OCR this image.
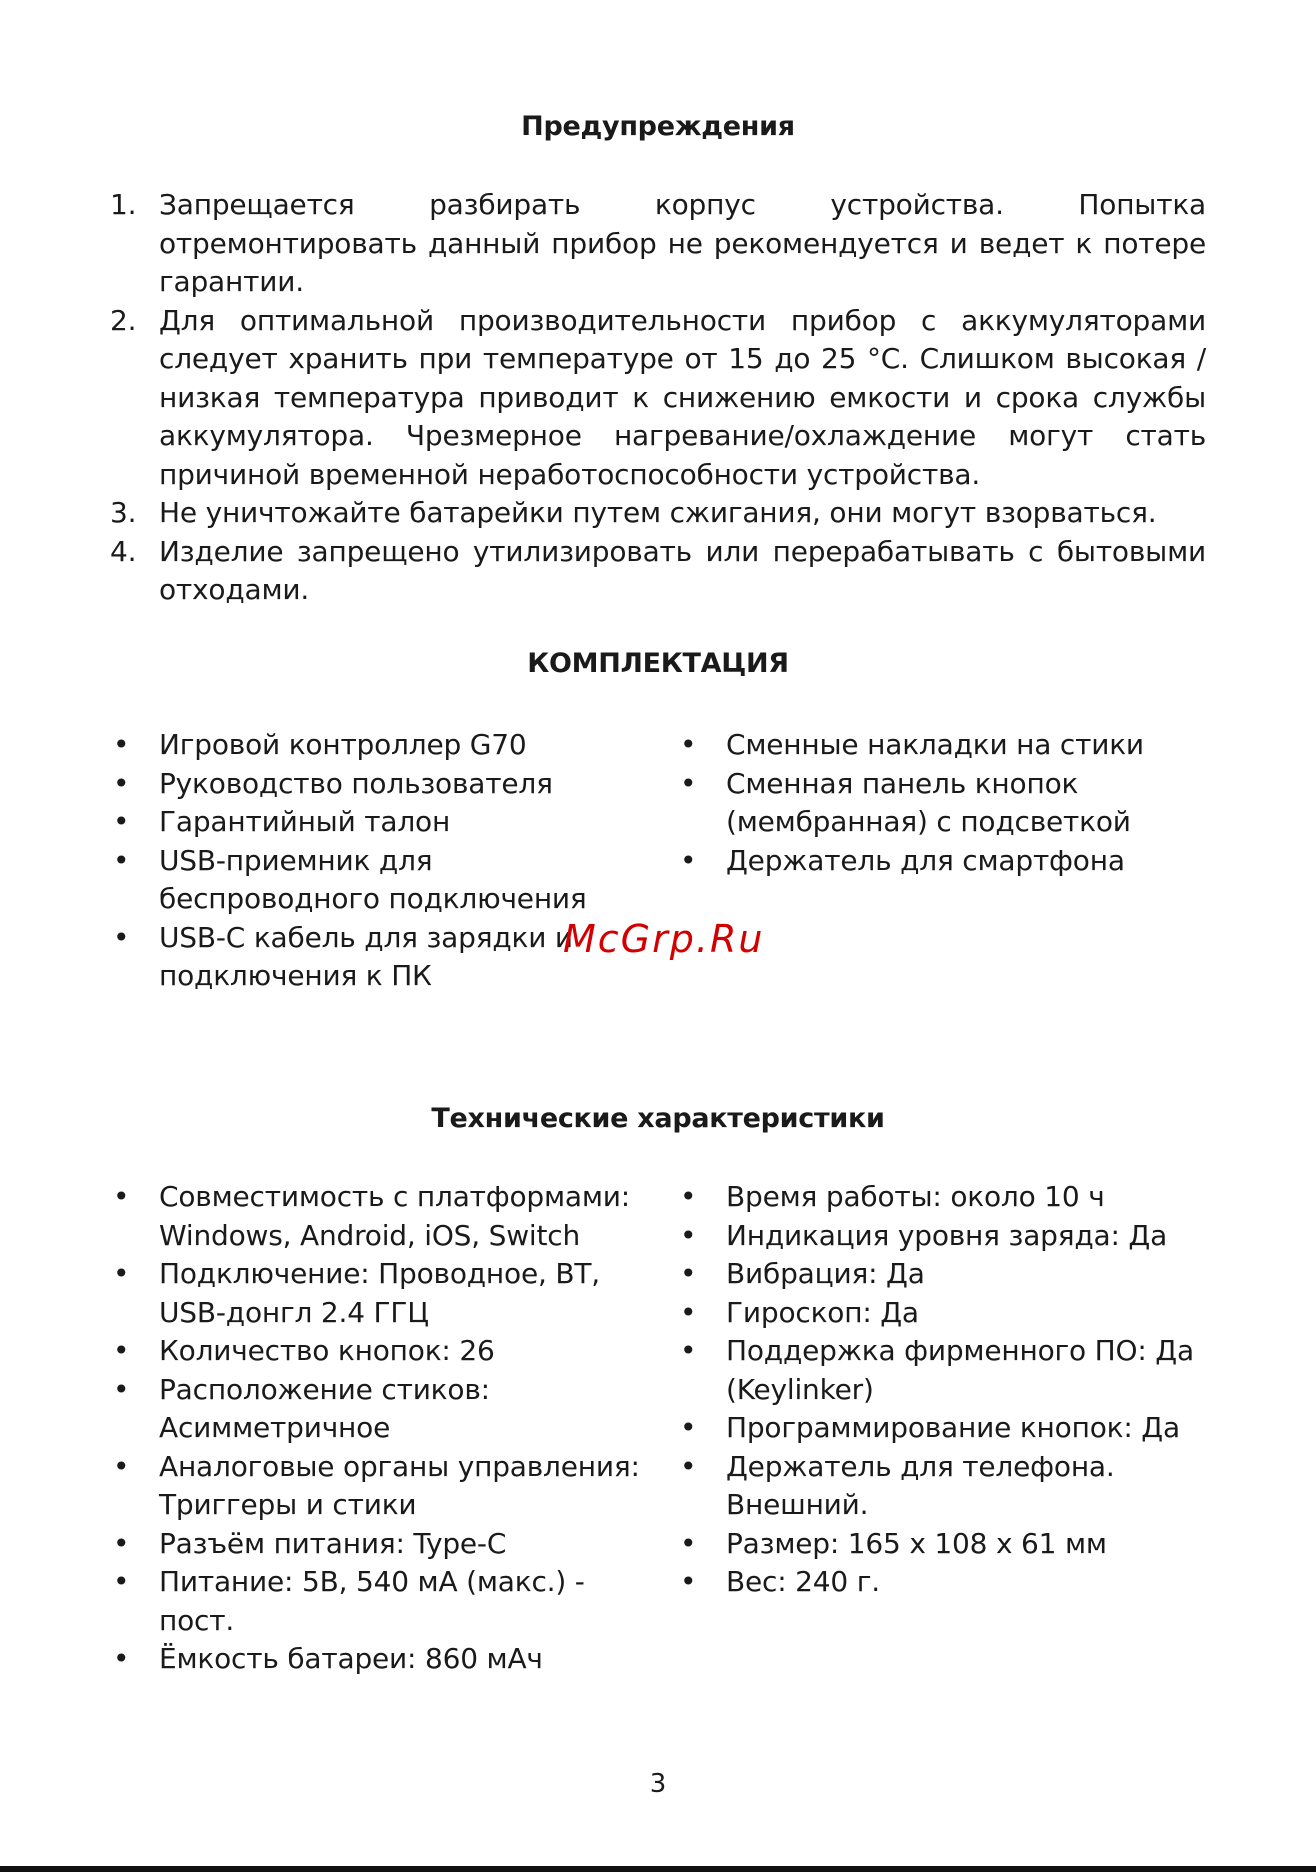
Предупреждения
1. Запрещается разбирать корпус устройства. Попытка отремонтировать данный прибор не рекомендуется и ведет к потере гарантии.
2. Для оптимальной производительности прибор с аккумуляторами следует хранить при температуре от 15 до 25 °С. Слишком высокая / низкая температура приводит к снижению емкости и срока службы аккумулятора. Чрезмерное нагревание/охлаждение могут стать причиной временной неработоспособности устройства.
3. Не уничтожайте батарейки путем сжигания, они могут взорваться.
4. Изделие запрещено утилизировать или перерабатывать с бытовыми отходами.
КОМПЛЕКТАЦИЯ
• Игровой контроллер G70
• Руководство пользователя
• Гарантийный талон
• USB-приемник для беспроводного подключения
• USB-C кабель для зарядки и подключения к ПК
• Сменные накладки на стики
• Сменная панель кнопок (мембранная) с подсветкой
• Держатель для смартфона
McGrp.Ru
Технические характеристики
• Совместимость с платформами: Windows, Android, iOS, Switch
• Подключение: Проводное, BT, USB-донгл 2.4 ГГЦ
• Количество кнопок: 26
• Расположение стиков: Асимметричное
• Аналоговые органы управления: Триггеры и стики
• Разъём питания: Type-C
• Питание: 5В, 540 мА (макс.) - пост.
• Ёмкость батареи: 860 мАч
• Время работы: около 10 ч
• Индикация уровня заряда: Да
• Вибрация: Да
• Гироскоп: Да
• Поддержка фирменного ПО: Да (Keylinker)
• Программирование кнопок: Да
• Держатель для телефона. Внешний.
• Размер: 165 х 108 х 61 мм
• Вес: 240 г.
3
